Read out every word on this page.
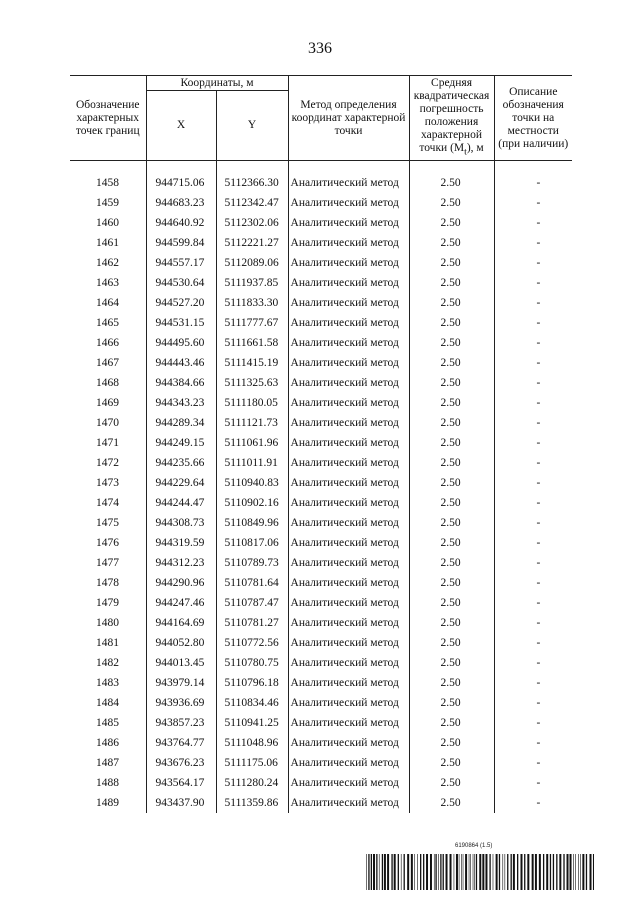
336
Обозначение характерных точек границ	Координаты, м		Метод определения координат характерной точки	Средняя квадратическая погрешность положения характерной точки $(M_t)$, м	Описание обозначения точки на местности (при наличии)
	X	Y			

1458	944715.06	5112366.30	Аналитический метод	2.50	-
1459	944683.23	5112342.47	Аналитический метод	2.50	-
1460	944640.92	5112302.06	Аналитический метод	2.50	-
1461	944599.84	5112221.27	Аналитический метод	2.50	-
1462	944557.17	5112089.06	Аналитический метод	2.50	-
1463	944530.64	5111937.85	Аналитический метод	2.50	-
1464	944527.20	5111833.30	Аналитический метод	2.50	-
1465	944531.15	5111777.67	Аналитический метод	2.50	-
1466	944495.60	5111661.58	Аналитический метод	2.50	-
1467	944443.46	5111415.19	Аналитический метод	2.50	-
1468	944384.66	5111325.63	Аналитический метод	2.50	-
1469	944343.23	5111180.05	Аналитический метод	2.50	-
1470	944289.34	5111121.73	Аналитический метод	2.50	-
1471	944249.15	5111061.96	Аналитический метод	2.50	-
1472	944235.66	5111011.91	Аналитический метод	2.50	-
1473	944229.64	5110940.83	Аналитический метод	2.50	-
1474	944244.47	5110902.16	Аналитический метод	2.50	-
1475	944308.73	5110849.96	Аналитический метод	2.50	-
1476	944319.59	5110817.06	Аналитический метод	2.50	-
1477	944312.23	5110789.73	Аналитический метод	2.50	-
1478	944290.96	5110781.64	Аналитический метод	2.50	-
1479	944247.46	5110787.47	Аналитический метод	2.50	-
1480	944164.69	5110781.27	Аналитический метод	2.50	-
1481	944052.80	5110772.56	Аналитический метод	2.50	-
1482	944013.45	5110780.75	Аналитический метод	2.50	-
1483	943979.14	5110796.18	Аналитический метод	2.50	-
1484	943936.69	5110834.46	Аналитический метод	2.50	-
1485	943857.23	5110941.25	Аналитический метод	2.50	-
1486	943764.77	5111048.96	Аналитический метод	2.50	-
1487	943676.23	5111175.06	Аналитический метод	2.50	-
1488	943564.17	5111280.24	Аналитический метод	2.50	-
1489	943437.90	5111359.86	Аналитический метод	2.50	-
6190864 (1.5)
